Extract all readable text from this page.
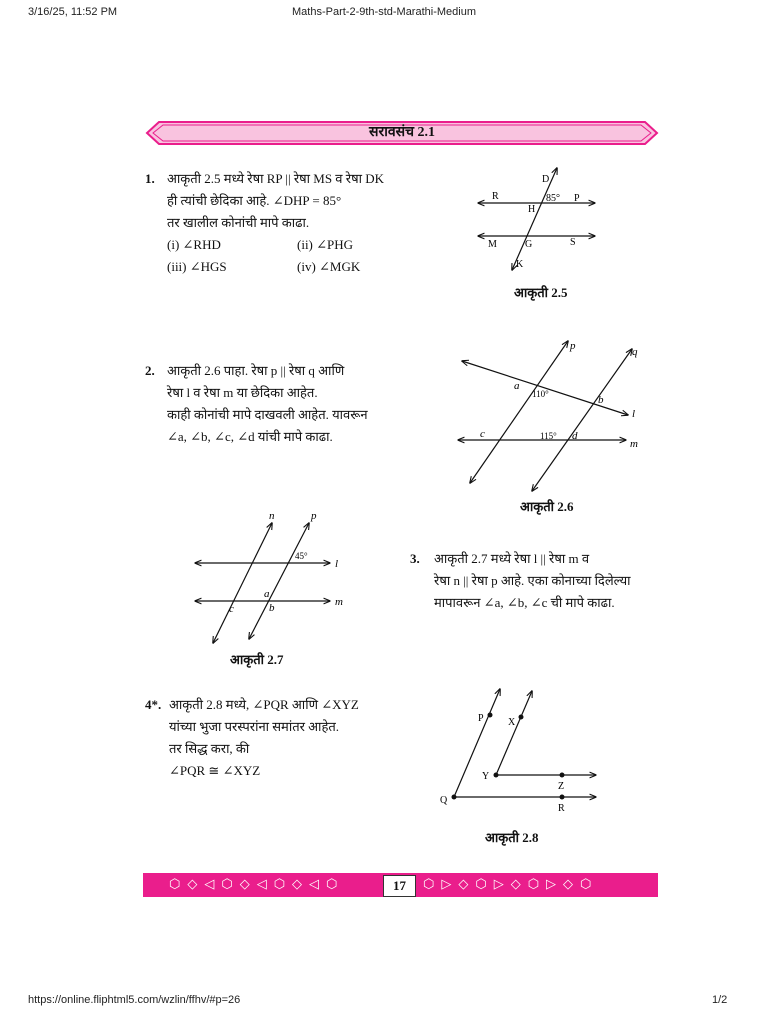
3/16/25, 11:52 PM	Maths-Part-2-9th-std-Marathi-Medium
सरावसंच 2.1
1. आकृती 2.5 मध्ये रेषा RP || रेषा MS व रेषा DK
ही त्यांची छेदिका आहे. ∠DHP = 85°
तर खालील कोनांची मापे काढा.
(i) ∠RHD	(ii) ∠PHG
(iii) ∠HGS	(iv) ∠MGK
D
R	85° P
H
M	G	S
K
आकृती 2.5
2. आकृती 2.6 पाहा. रेषा p || रेषा q आणि
रेषा l व रेषा m या छेदिका आहेत.
काही कोनांची मापे दाखवली आहेत. यावरून
∠a, ∠b, ∠c, ∠d यांची मापे काढा.
p	q
l
m
a
110°	b
c	115° d
आकृती 2.6
n	p
45°
l
m
a
b
c
आकृती 2.7
3. आकृती 2.7 मध्ये रेषा l || रेषा m व
रेषा n || रेषा p आहे. एका कोनाच्या दिलेल्या
मापावरून ∠a, ∠b, ∠c ची मापे काढा.
4*. आकृती 2.8 मध्ये, ∠PQR आणि ∠XYZ
यांच्या भुजा परस्परांना समांतर आहेत.
तर सिद्ध करा, की
∠PQR ≅ ∠XYZ
P X
Y
Z
Q
R
आकृती 2.8
⬡◇◁⬡◇◁⬡◇◁⬡	⬡▷◇⬡▷◇⬡▷◇⬡
17
https://online.fliphtml5.com/wzlin/ffhv/#p=26	1/2
